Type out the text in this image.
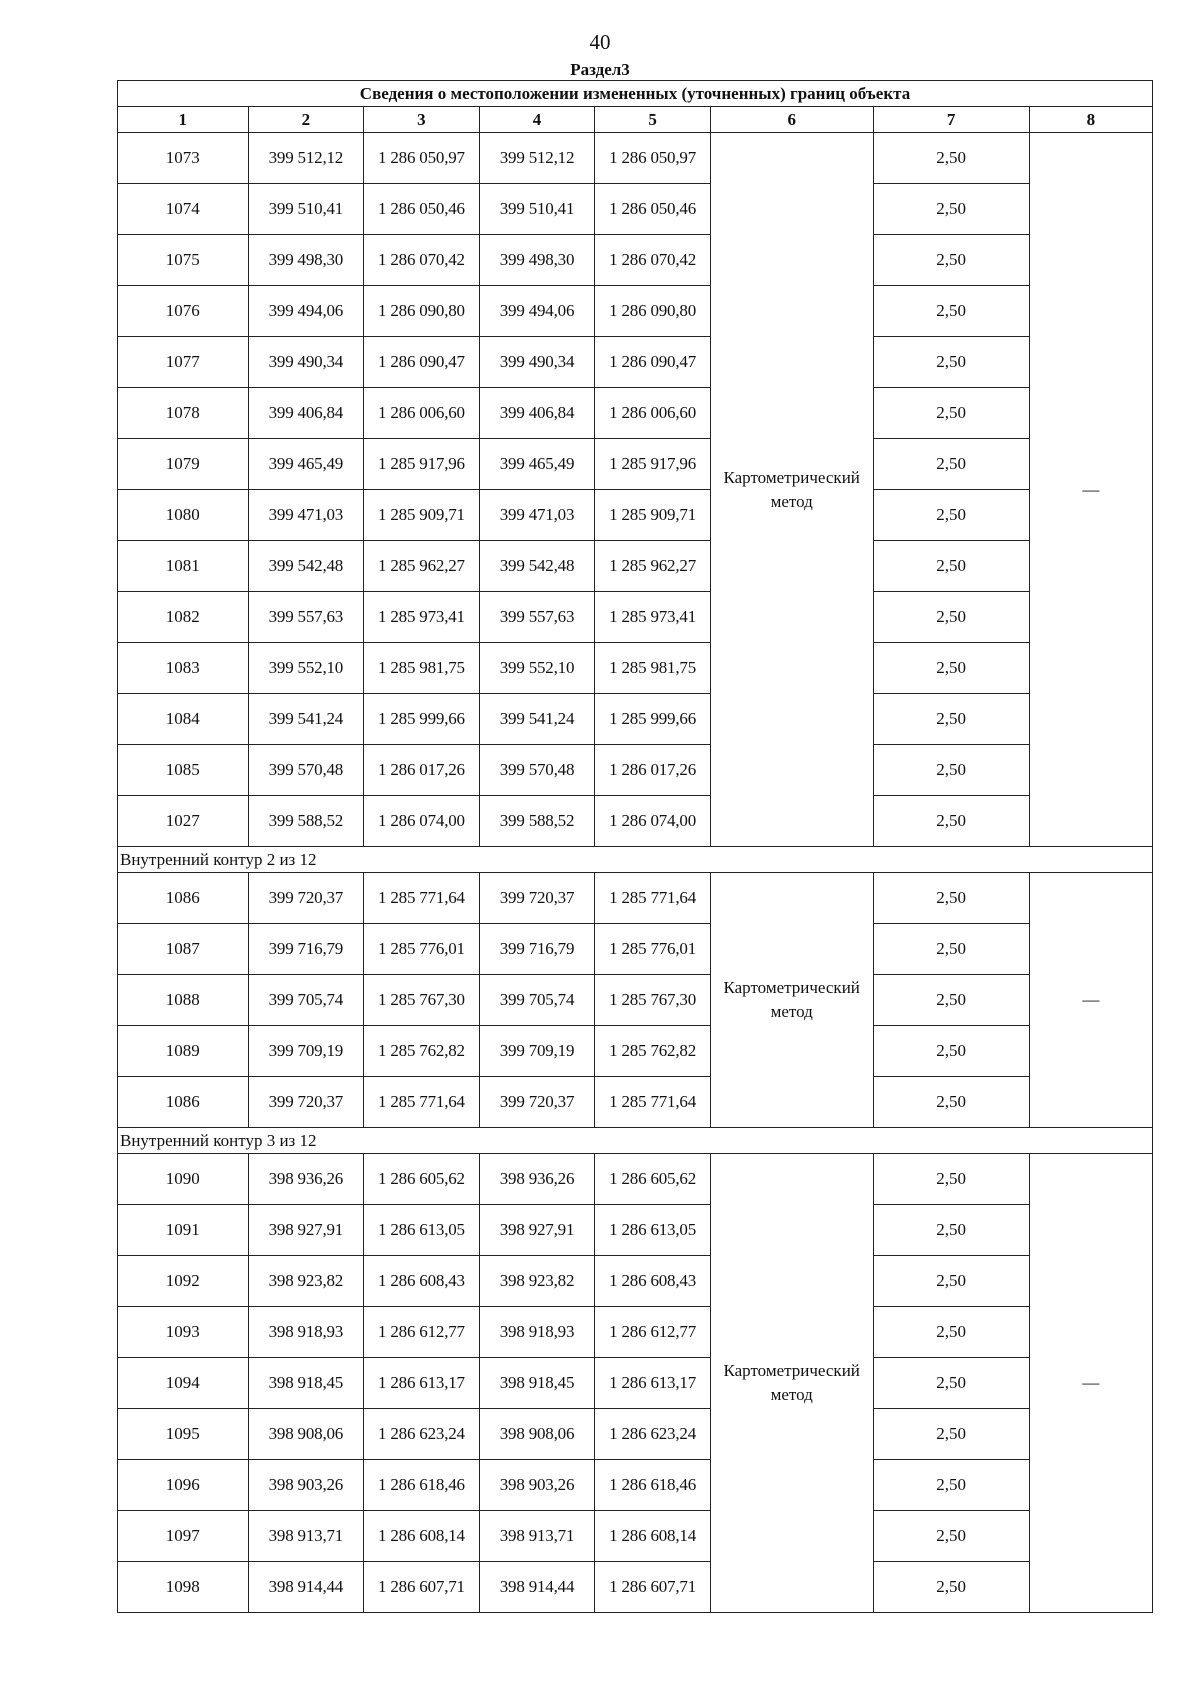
40
Раздел3
Сведения о местоположении измененных (уточненных) границ объекта							
1	2	3	4	5	6	7	8
1073	399 512,12	1 286 050,97	399 512,12	1 286 050,97	Картометрический метод	2,50	—
1074	399 510,41	1 286 050,46	399 510,41	1 286 050,46		2,50	
1075	399 498,30	1 286 070,42	399 498,30	1 286 070,42		2,50	
1076	399 494,06	1 286 090,80	399 494,06	1 286 090,80		2,50	
1077	399 490,34	1 286 090,47	399 490,34	1 286 090,47		2,50	
1078	399 406,84	1 286 006,60	399 406,84	1 286 006,60		2,50	
1079	399 465,49	1 285 917,96	399 465,49	1 285 917,96		2,50	
1080	399 471,03	1 285 909,71	399 471,03	1 285 909,71		2,50	
1081	399 542,48	1 285 962,27	399 542,48	1 285 962,27		2,50	
1082	399 557,63	1 285 973,41	399 557,63	1 285 973,41		2,50	
1083	399 552,10	1 285 981,75	399 552,10	1 285 981,75		2,50	
1084	399 541,24	1 285 999,66	399 541,24	1 285 999,66		2,50	
1085	399 570,48	1 286 017,26	399 570,48	1 286 017,26		2,50	
1027	399 588,52	1 286 074,00	399 588,52	1 286 074,00		2,50	
Внутренний контур 2 из 12							
1086	399 720,37	1 285 771,64	399 720,37	1 285 771,64	Картометрический метод	2,50	—
1087	399 716,79	1 285 776,01	399 716,79	1 285 776,01		2,50	
1088	399 705,74	1 285 767,30	399 705,74	1 285 767,30		2,50	
1089	399 709,19	1 285 762,82	399 709,19	1 285 762,82		2,50	
1086	399 720,37	1 285 771,64	399 720,37	1 285 771,64		2,50	
Внутренний контур 3 из 12							
1090	398 936,26	1 286 605,62	398 936,26	1 286 605,62	Картометрический метод	2,50	—
1091	398 927,91	1 286 613,05	398 927,91	1 286 613,05		2,50	
1092	398 923,82	1 286 608,43	398 923,82	1 286 608,43		2,50	
1093	398 918,93	1 286 612,77	398 918,93	1 286 612,77		2,50	
1094	398 918,45	1 286 613,17	398 918,45	1 286 613,17		2,50	
1095	398 908,06	1 286 623,24	398 908,06	1 286 623,24		2,50	
1096	398 903,26	1 286 618,46	398 903,26	1 286 618,46		2,50	
1097	398 913,71	1 286 608,14	398 913,71	1 286 608,14		2,50	
1098	398 914,44	1 286 607,71	398 914,44	1 286 607,71		2,50	
